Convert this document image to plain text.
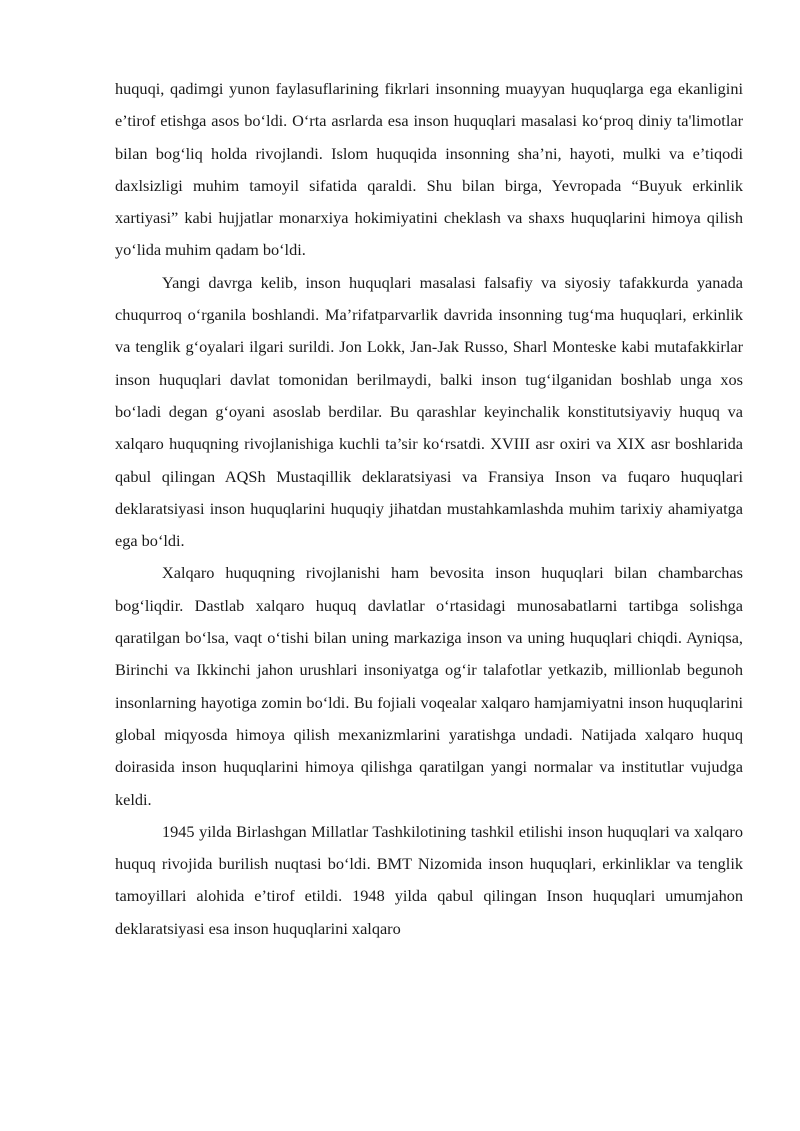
huquqi, qadimgi yunon faylasuflarining fikrlari insonning muayyan huquqlarga ega ekanligini e’tirof etishga asos bo‘ldi. O‘rta asrlarda esa inson huquqlari masalasi ko‘proq diniy ta'limotlar bilan bog‘liq holda rivojlandi. Islom huquqida insonning sha’ni, hayoti, mulki va e’tiqodi daxlsizligi muhim tamoyil sifatida qaraldi. Shu bilan birga, Yevropada “Buyuk erkinlik xartiyasi” kabi hujjatlar monarxiya hokimiyatini cheklash va shaxs huquqlarini himoya qilish yo‘lida muhim qadam bo‘ldi.

Yangi davrga kelib, inson huquqlari masalasi falsafiy va siyosiy tafakkurda yanada chuqurroq o‘rganila boshlandi. Ma’rifatparvarlik davrida insonning tug‘ma huquqlari, erkinlik va tenglik g‘oyalari ilgari surildi. Jon Lokk, Jan-Jak Russo, Sharl Monteske kabi mutafakkirlar inson huquqlari davlat tomonidan berilmaydi, balki inson tug‘ilganidan boshlab unga xos bo‘ladi degan g‘oyani asoslab berdilar. Bu qarashlar keyinchalik konstitutsiyaviy huquq va xalqaro huquqning rivojlanishiga kuchli ta’sir ko‘rsatdi. XVIII asr oxiri va XIX asr boshlarida qabul qilingan AQSh Mustaqillik deklaratsiyasi va Fransiya Inson va fuqaro huquqlari deklaratsiyasi inson huquqlarini huquqiy jihatdan mustahkamlashda muhim tarixiy ahamiyatga ega bo‘ldi.

Xalqaro huquqning rivojlanishi ham bevosita inson huquqlari bilan chambarchas bog‘liqdir. Dastlab xalqaro huquq davlatlar o‘rtasidagi munosabatlarni tartibga solishga qaratilgan bo‘lsa, vaqt o‘tishi bilan uning markaziga inson va uning huquqlari chiqdi. Ayniqsa, Birinchi va Ikkinchi jahon urushlari insoniyatga og‘ir talafotlar yetkazib, millionlab begunoh insonlarning hayotiga zomin bo‘ldi. Bu fojiali voqealar xalqaro hamjamiyatni inson huquqlarini global miqyosda himoya qilish mexanizmlarini yaratishga undadi. Natijada xalqaro huquq doirasida inson huquqlarini himoya qilishga qaratilgan yangi normalar va institutlar vujudga keldi.

1945 yilda Birlashgan Millatlar Tashkilotining tashkil etilishi inson huquqlari va xalqaro huquq rivojida burilish nuqtasi bo‘ldi. BMT Nizomida inson huquqlari, erkinliklar va tenglik tamoyillari alohida e’tirof etildi. 1948 yilda qabul qilingan Inson huquqlari umumjahon deklaratsiyasi esa inson huquqlarini xalqaro
